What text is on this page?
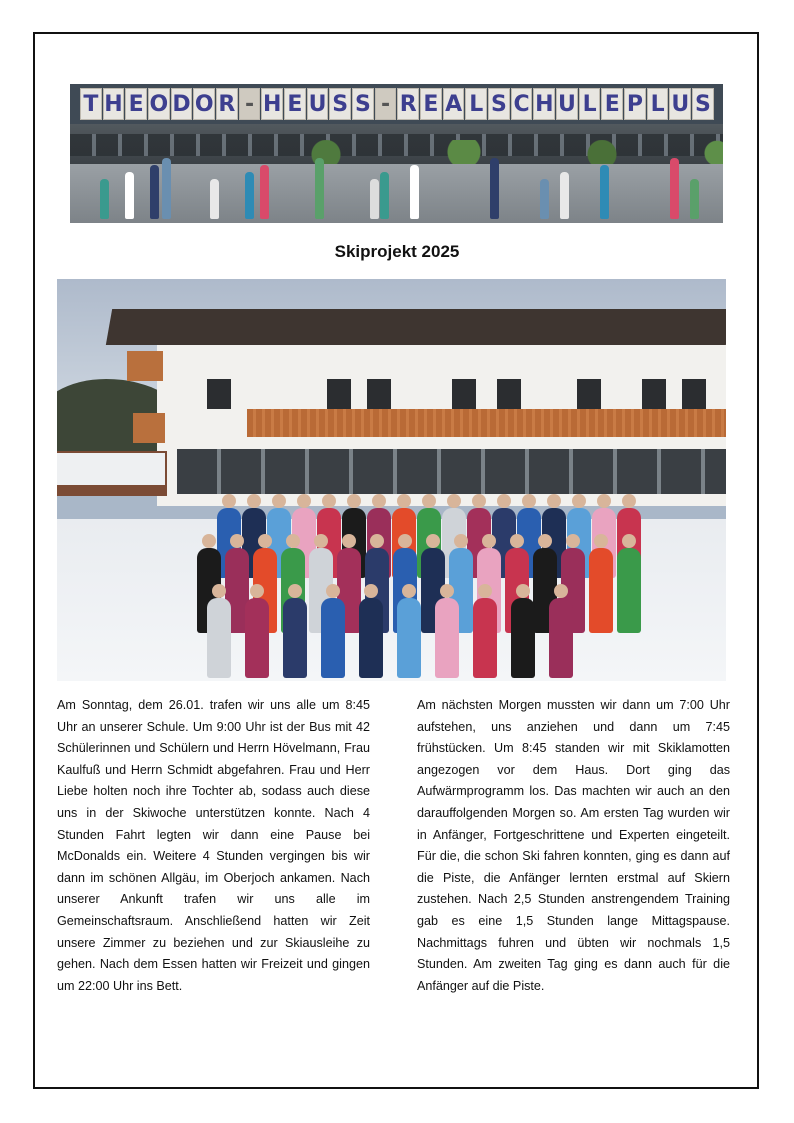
T H E O D O R - H E U S S - R E A L S C H U L E P L U S
Skiprojekt 2025
Am Sonntag, dem 26.01. trafen wir uns alle um 8:45 Uhr an unserer Schule. Um 9:00 Uhr ist der Bus mit 42 Schülerinnen und Schülern und Herrn Hövelmann, Frau Kaulfuß und Herrn Schmidt abgefahren. Frau und Herr Liebe holten noch ihre Tochter ab, sodass auch diese uns in der Skiwoche unterstützen konnte. Nach 4 Stunden Fahrt legten wir dann eine Pause bei McDonalds ein. Weitere 4 Stunden vergingen bis wir dann im schönen Allgäu, im Oberjoch ankamen. Nach unserer Ankunft trafen wir uns alle im Gemeinschaftsraum. Anschließend hatten wir Zeit unsere Zimmer zu beziehen und zur Skiausleihe zu gehen. Nach dem Essen hatten wir Freizeit und gingen um 22:00 Uhr ins Bett.
Am nächsten Morgen mussten wir dann um 7:00 Uhr aufstehen, uns anziehen und dann um 7:45 frühstücken. Um 8:45 standen wir mit Skiklamotten angezogen vor dem Haus. Dort ging das Aufwärmprogramm los. Das machten wir auch an den darauffolgenden Morgen so. Am ersten Tag wurden wir in Anfänger, Fortgeschrittene und Experten eingeteilt. Für die, die schon Ski fahren konnten, ging es dann auf die Piste, die Anfänger lernten erstmal auf Skiern zustehen. Nach 2,5 Stunden anstrengendem Training gab es eine 1,5 Stunden lange Mittagspause. Nachmittags fuhren und übten wir nochmals 1,5 Stunden. Am zweiten Tag ging es dann auch für die Anfänger auf die Piste.
